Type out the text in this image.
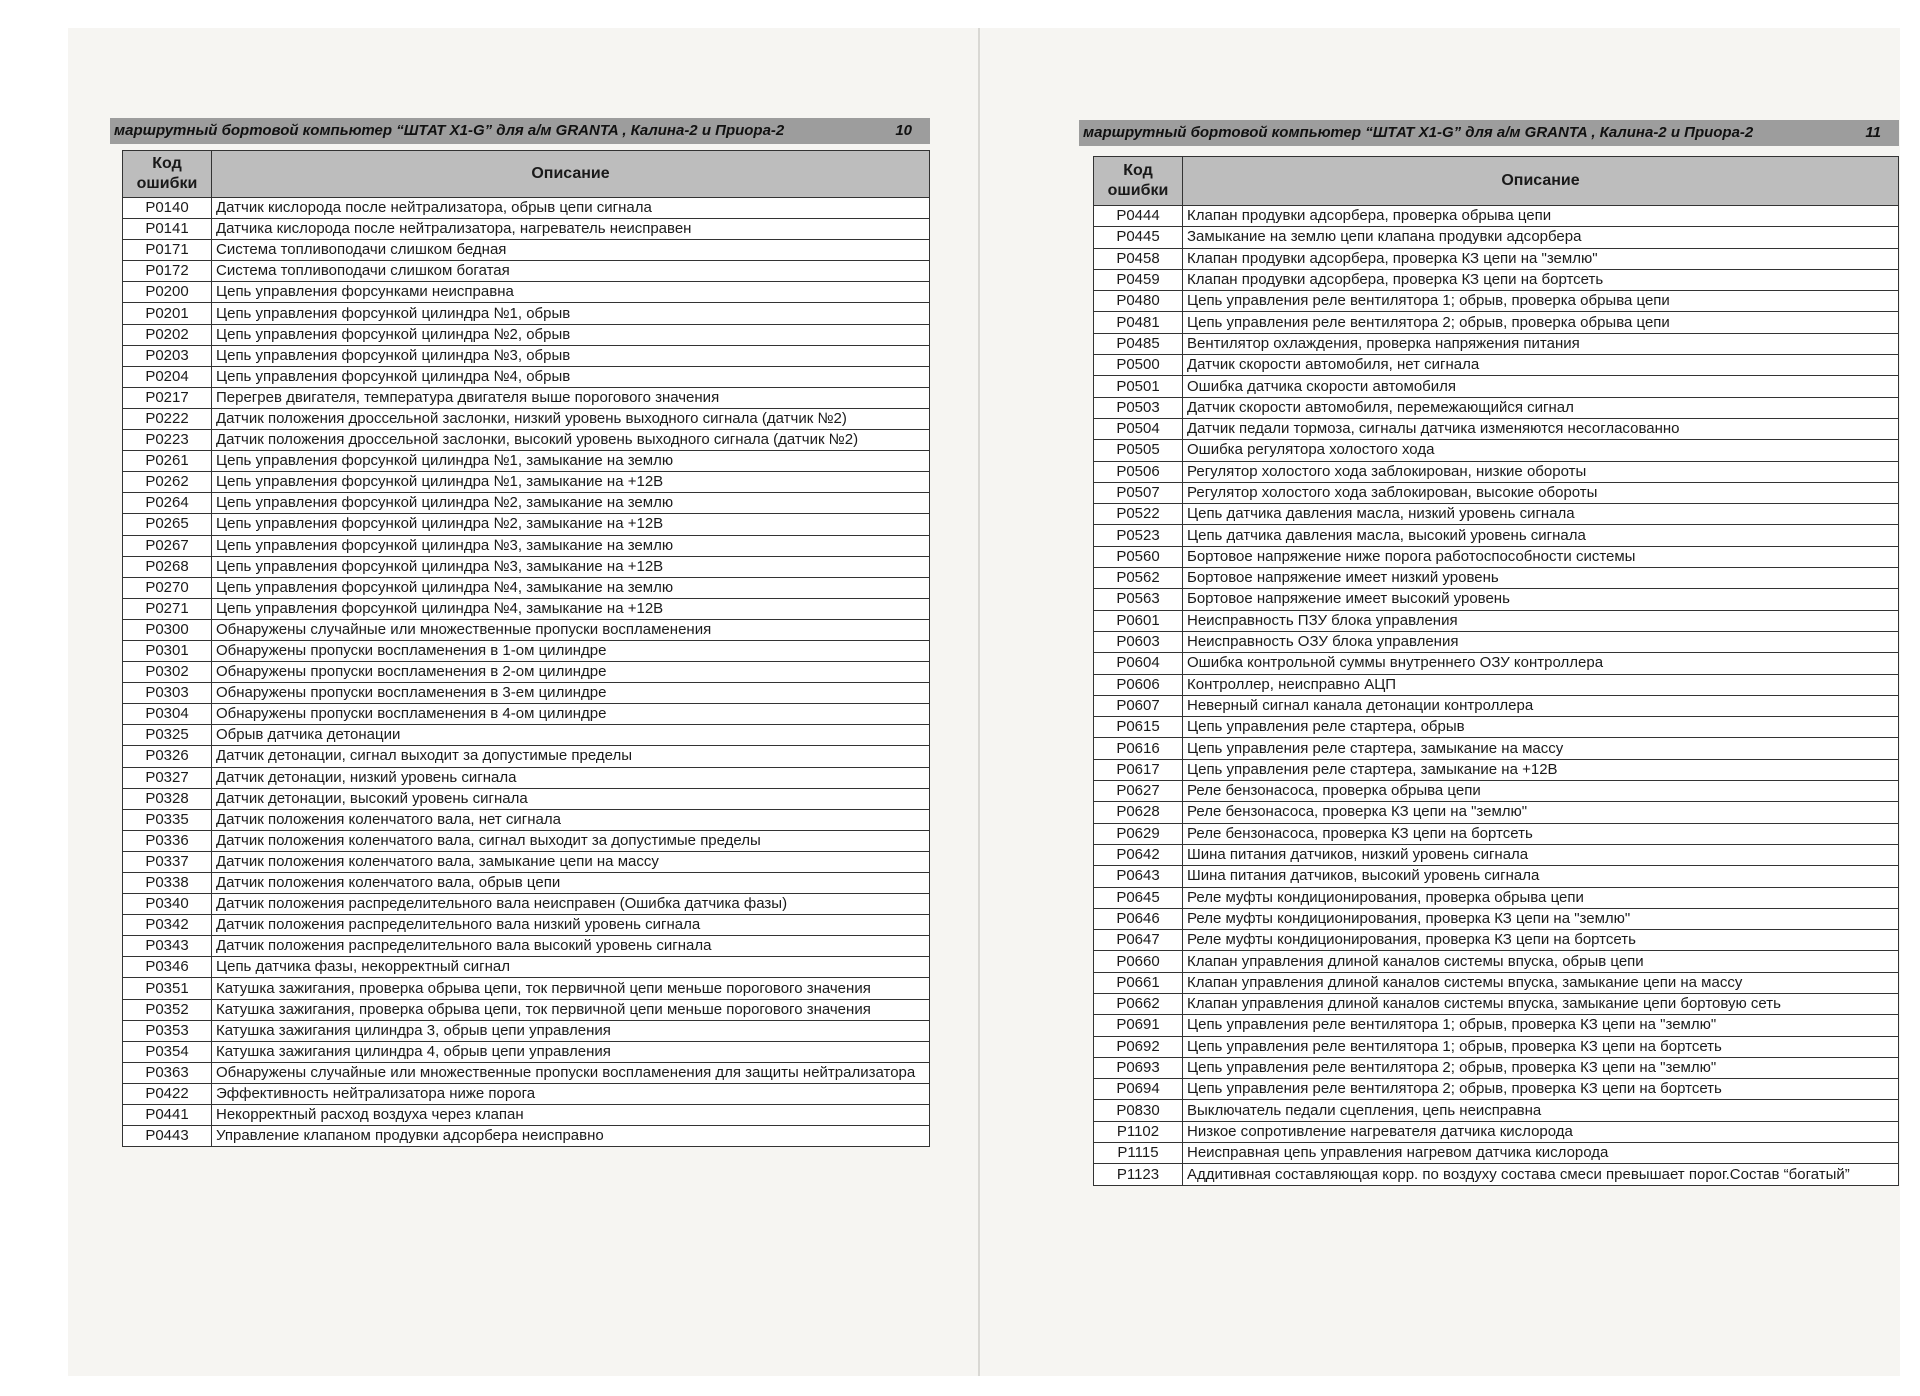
маршрутный бортовой компьютер “ШТАТ X1-G” для а/м GRANTA , Калина-2 и Приора-2	10
Код ошибки	Описание
P0140	Датчик кислорода после нейтрализатора, обрыв цепи сигнала
P0141	Датчика кислорода после нейтрализатора, нагреватель неисправен
P0171	Система топливоподачи слишком бедная
P0172	Система топливоподачи слишком богатая
P0200	Цепь управления форсунками неисправна
P0201	Цепь управления форсункой цилиндра №1, обрыв
P0202	Цепь управления форсункой цилиндра №2, обрыв
P0203	Цепь управления форсункой цилиндра №3, обрыв
P0204	Цепь управления форсункой цилиндра №4, обрыв
P0217	Перегрев двигателя, температура двигателя выше порогового значения
P0222	Датчик положения дроссельной заслонки, низкий уровень выходного сигнала (датчик №2)
P0223	Датчик положения дроссельной заслонки, высокий уровень выходного сигнала (датчик №2)
P0261	Цепь управления форсункой цилиндра №1, замыкание на землю
P0262	Цепь управления форсункой цилиндра №1, замыкание на +12В
P0264	Цепь управления форсункой цилиндра №2, замыкание на землю
P0265	Цепь управления форсункой цилиндра №2, замыкание на +12В
P0267	Цепь управления форсункой цилиндра №3, замыкание на землю
P0268	Цепь управления форсункой цилиндра №3, замыкание на +12В
P0270	Цепь управления форсункой цилиндра №4, замыкание на землю
P0271	Цепь управления форсункой цилиндра №4, замыкание на +12В
P0300	Обнаружены случайные или множественные пропуски воспламенения
P0301	Обнаружены пропуски воспламенения в 1-ом цилиндре
P0302	Обнаружены пропуски воспламенения в 2-ом цилиндре
P0303	Обнаружены пропуски воспламенения в 3-ем цилиндре
P0304	Обнаружены пропуски воспламенения в 4-ом цилиндре
P0325	Обрыв датчика детонации
P0326	Датчик детонации, сигнал выходит за допустимые пределы
P0327	Датчик детонации, низкий уровень сигнала
P0328	Датчик детонации, высокий уровень сигнала
P0335	Датчик положения коленчатого вала, нет сигнала
P0336	Датчик положения коленчатого вала, сигнал выходит за допустимые пределы
P0337	Датчик положения коленчатого вала, замыкание цепи на массу
P0338	Датчик положения коленчатого вала, обрыв цепи
P0340	Датчик положения распределительного вала неисправен (Ошибка датчика фазы)
P0342	Датчик положения распределительного вала низкий уровень сигнала
P0343	Датчик положения распределительного вала высокий уровень сигнала
P0346	Цепь датчика фазы, некорректный сигнал
P0351	Катушка зажигания, проверка обрыва цепи, ток первичной цепи меньше порогового значения
P0352	Катушка зажигания, проверка обрыва цепи, ток первичной цепи меньше порогового значения
P0353	Катушка зажигания цилиндра 3, обрыв цепи управления
P0354	Катушка зажигания цилиндра 4, обрыв цепи управления
P0363	Обнаружены случайные или множественные пропуски воспламенения для защиты нейтрализатора
P0422	Эффективность нейтрализатора ниже порога
P0441	Некорректный расход воздуха через клапан
P0443	Управление клапаном продувки адсорбера неисправно
маршрутный бортовой компьютер “ШТАТ X1-G” для а/м GRANTA , Калина-2 и Приора-2	11
Код ошибки	Описание
P0444	Клапан продувки адсорбера, проверка обрыва цепи
P0445	Замыкание на землю цепи клапана продувки адсорбера
P0458	Клапан продувки адсорбера, проверка КЗ цепи на "землю"
P0459	Клапан продувки адсорбера, проверка КЗ цепи на бортсеть
P0480	Цепь управления реле вентилятора 1; обрыв, проверка обрыва цепи
P0481	Цепь управления реле вентилятора 2; обрыв, проверка обрыва цепи
P0485	Вентилятор охлаждения, проверка напряжения питания
P0500	Датчик скорости автомобиля, нет сигнала
P0501	Ошибка датчика скорости автомобиля
P0503	Датчик скорости автомобиля, перемежающийся сигнал
P0504	Датчик педали тормоза, сигналы датчика изменяются несогласованно
P0505	Ошибка регулятора холостого хода
P0506	Регулятор холостого хода заблокирован, низкие обороты
P0507	Регулятор холостого хода заблокирован, высокие обороты
P0522	Цепь датчика давления масла, низкий уровень сигнала
P0523	Цепь датчика давления масла, высокий уровень сигнала
P0560	Бортовое напряжение ниже порога работоспособности системы
P0562	Бортовое напряжение имеет низкий уровень
P0563	Бортовое напряжение имеет высокий уровень
P0601	Неисправность ПЗУ блока управления
P0603	Неисправность ОЗУ блока управления
P0604	Ошибка контрольной суммы внутреннего ОЗУ контроллера
P0606	Контроллер, неисправно АЦП
P0607	Неверный сигнал канала детонации контроллера
P0615	Цепь управления реле стартера, обрыв
P0616	Цепь управления реле стартера, замыкание на массу
P0617	Цепь управления реле стартера, замыкание на +12В
P0627	Реле бензонасоса, проверка обрыва цепи
P0628	Реле бензонасоса, проверка КЗ цепи на "землю"
P0629	Реле бензонасоса, проверка КЗ цепи на бортсеть
P0642	Шина питания датчиков, низкий уровень сигнала
P0643	Шина питания датчиков, высокий уровень сигнала
P0645	Реле муфты кондиционирования, проверка обрыва цепи
P0646	Реле муфты кондиционирования, проверка КЗ цепи на "землю"
P0647	Реле муфты кондиционирования, проверка КЗ цепи на бортсеть
P0660	Клапан управления длиной каналов системы впуска, обрыв цепи
P0661	Клапан управления длиной каналов системы впуска, замыкание цепи на массу
P0662	Клапан управления длиной каналов системы впуска, замыкание цепи бортовую сеть
P0691	Цепь управления реле вентилятора 1; обрыв, проверка КЗ цепи на "землю"
P0692	Цепь управления реле вентилятора 1; обрыв, проверка КЗ цепи на бортсеть
P0693	Цепь управления реле вентилятора 2; обрыв, проверка КЗ цепи на "землю"
P0694	Цепь управления реле вентилятора 2; обрыв, проверка КЗ цепи на бортсеть
P0830	Выключатель педали сцепления, цепь неисправна
P1102	Низкое сопротивление нагревателя датчика кислорода
P1115	Неисправная цепь управления нагревом датчика кислорода
P1123	Аддитивная составляющая корр. по воздуху состава смеси превышает порог.Состав “богатый”
